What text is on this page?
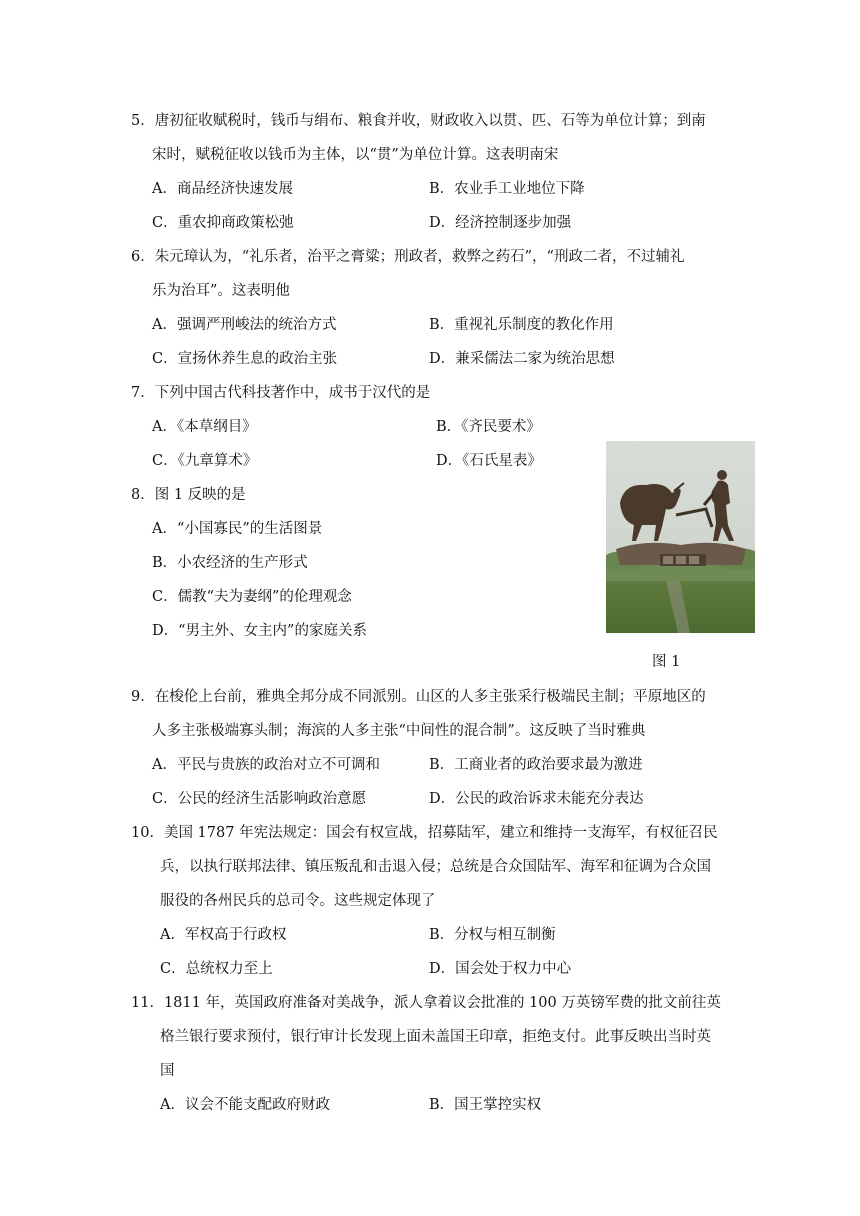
5．唐初征收赋税时，钱币与绢布、粮食并收，财政收入以贯、匹、石等为单位计算；到南
宋时，赋税征收以钱币为主体，以“贯”为单位计算。这表明南宋
A．商品经济快速发展	B．农业手工业地位下降
C．重农抑商政策松弛	D．经济控制逐步加强
6．朱元璋认为，“礼乐者，治平之膏粱；刑政者，救弊之药石”，“刑政二者，不过辅礼
乐为治耳”。这表明他
A．强调严刑峻法的统治方式	B．重视礼乐制度的教化作用
C．宣扬休养生息的政治主张	D．兼采儒法二家为统治思想
7．下列中国古代科技著作中，成书于汉代的是
A．《本草纲目》	B．《齐民要术》
C．《九章算术》	D．《石氏星表》
8．图 1 反映的是
A．“小国寡民”的生活图景
B．小农经济的生产形式
C．儒教“夫为妻纲”的伦理观念
D．“男主外、女主内”的家庭关系
图 1
9．在梭伦上台前，雅典全邦分成不同派别。山区的人多主张采行极端民主制；平原地区的
人多主张极端寡头制；海滨的人多主张“中间性的混合制”。这反映了当时雅典
A．平民与贵族的政治对立不可调和	B．工商业者的政治要求最为激进
C．公民的经济生活影响政治意愿	D．公民的政治诉求未能充分表达
10．美国 1787 年宪法规定：国会有权宣战，招募陆军，建立和维持一支海军，有权征召民
兵，以执行联邦法律、镇压叛乱和击退入侵；总统是合众国陆军、海军和征调为合众国
服役的各州民兵的总司令。这些规定体现了
A．军权高于行政权	B．分权与相互制衡
C．总统权力至上	D．国会处于权力中心
11．1811 年，英国政府准备对美战争，派人拿着议会批准的 100 万英镑军费的批文前往英
格兰银行要求预付，银行审计长发现上面未盖国王印章，拒绝支付。此事反映出当时英
国
A．议会不能支配政府财政	B．国王掌控实权
